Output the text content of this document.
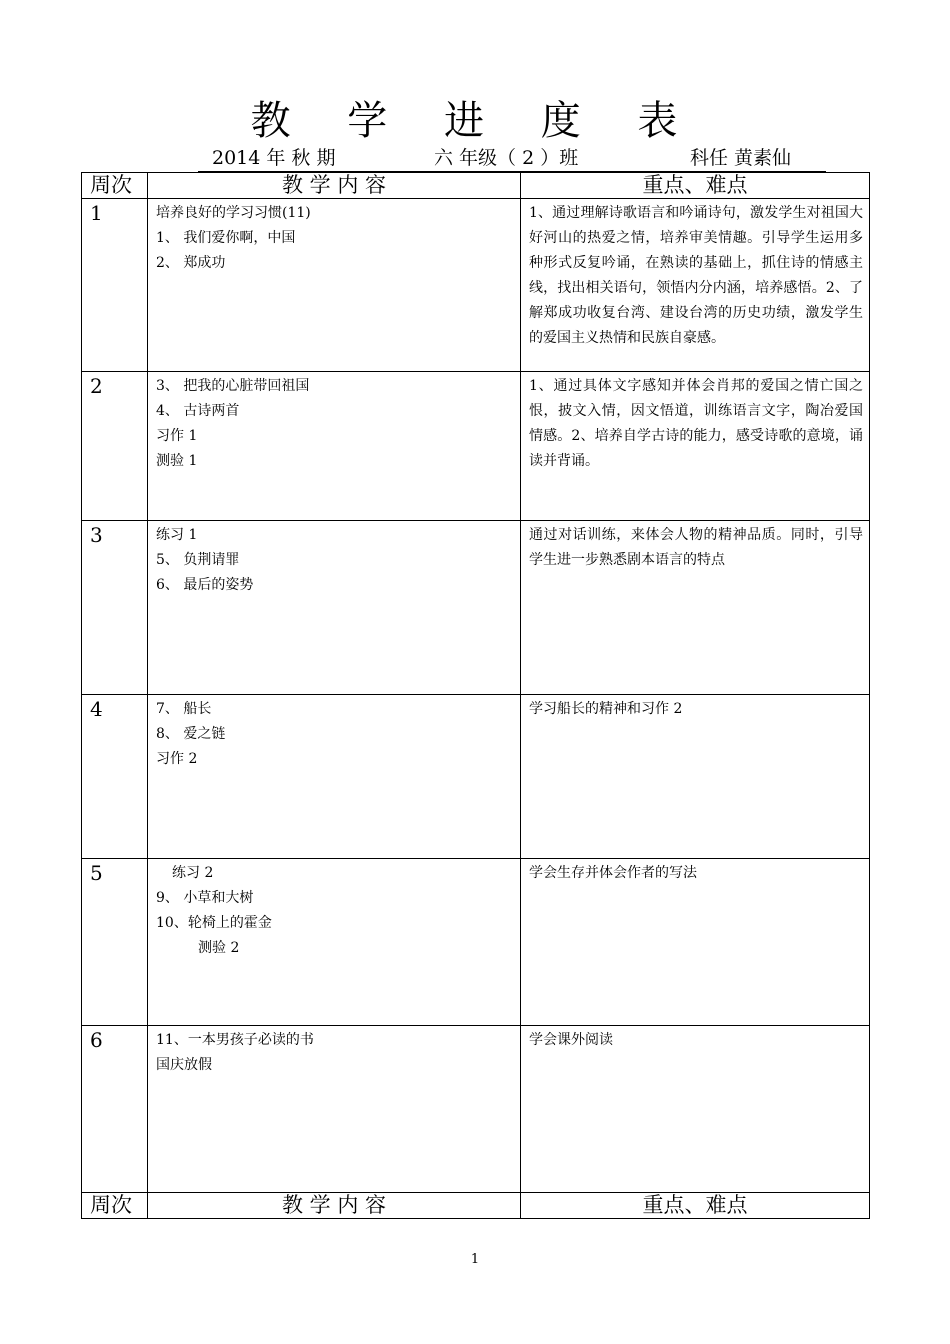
教 学 进 度 表
2014 年 秋 期	六 年级（ 2 ）班	科任 黄素仙
周次	教 学 内 容	重点、难点
1	培养良好的学习习惯(11)
1、 我们爱你啊，中国
2、 郑成功	1、通过理解诗歌语言和吟诵诗句，激发学生对祖国大好河山的热爱之情，培养审美情趣。引导学生运用多种形式反复吟诵，在熟读的基础上，抓住诗的情感主线，找出相关语句，领悟内分内涵，培养感悟。2、了解郑成功收复台湾、建设台湾的历史功绩，激发学生的爱国主义热情和民族自豪感。
2	3、 把我的心脏带回祖国
4、 古诗两首
习作 1
测验 1	1、通过具体文字感知并体会肖邦的爱国之情亡国之恨，披文入情，因文悟道，训练语言文字，陶冶爱国情感。2、培养自学古诗的能力，感受诗歌的意境，诵读并背诵。
3	练习 1
5、 负荆请罪
6、 最后的姿势	通过对话训练，来体会人物的精神品质。同时，引导学生进一步熟悉剧本语言的特点
4	7、 船长
8、 爱之链
习作 2	学习船长的精神和习作 2
5	练习 2
9、 小草和大树
10、轮椅上的霍金
测验 2	学会生存并体会作者的写法
6	11、一本男孩子必读的书
国庆放假	学会课外阅读
周次	教 学 内 容	重点、难点
1
